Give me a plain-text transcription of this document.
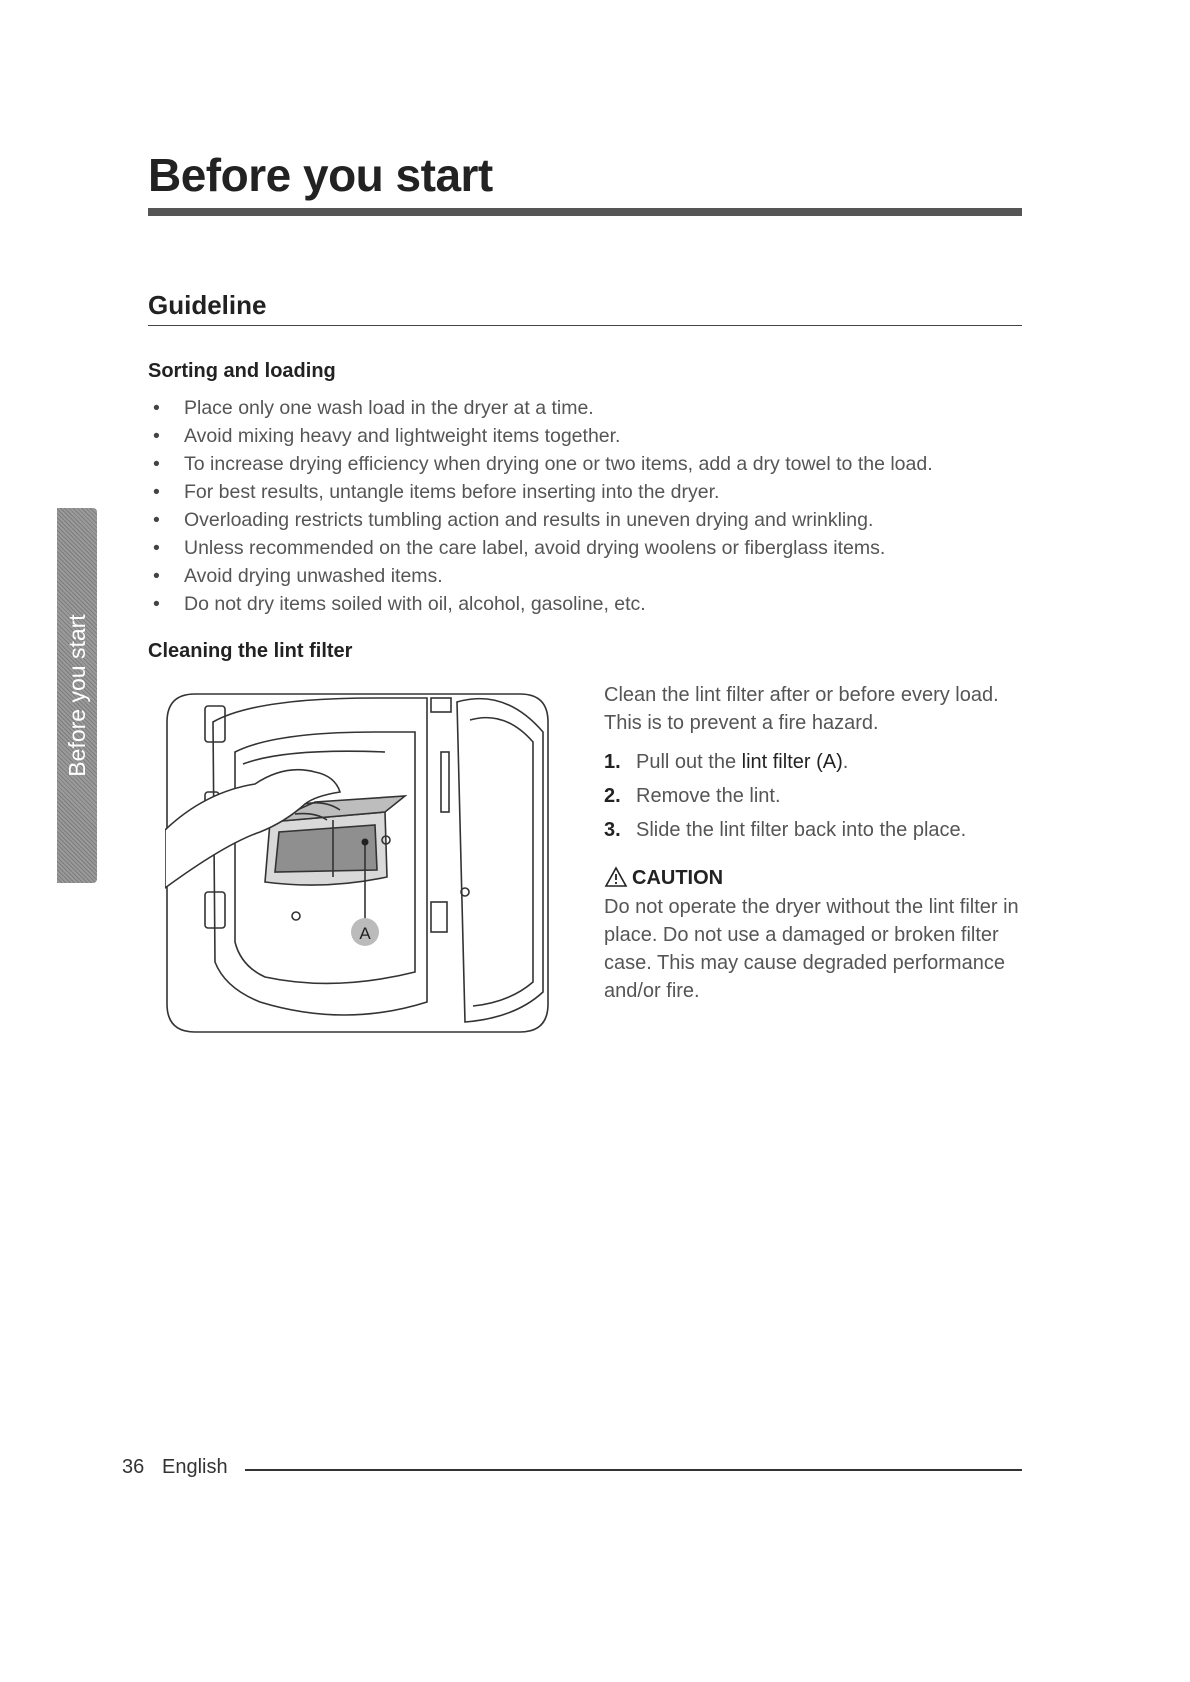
Before you start
Before you start
Guideline
Sorting and loading
• Place only one wash load in the dryer at a time.
• Avoid mixing heavy and lightweight items together.
• To increase drying efficiency when drying one or two items, add a dry towel to the load.
• For best results, untangle items before inserting into the dryer.
• Overloading restricts tumbling action and results in uneven drying and wrinkling.
• Unless recommended on the care label, avoid drying woolens or fiberglass items.
• Avoid drying unwashed items.
• Do not dry items soiled with oil, alcohol, gasoline, etc.
Cleaning the lint filter
A

Clean the lint filter after or before every load. This is to prevent a fire hazard.

1. Pull out the lint filter (A).
2. Remove the lint.
3. Slide the lint filter back into the place.
CAUTION

Do not operate the dryer without the lint filter in place. Do not use a damaged or broken filter case. This may cause degraded performance and/or fire.

36 English
